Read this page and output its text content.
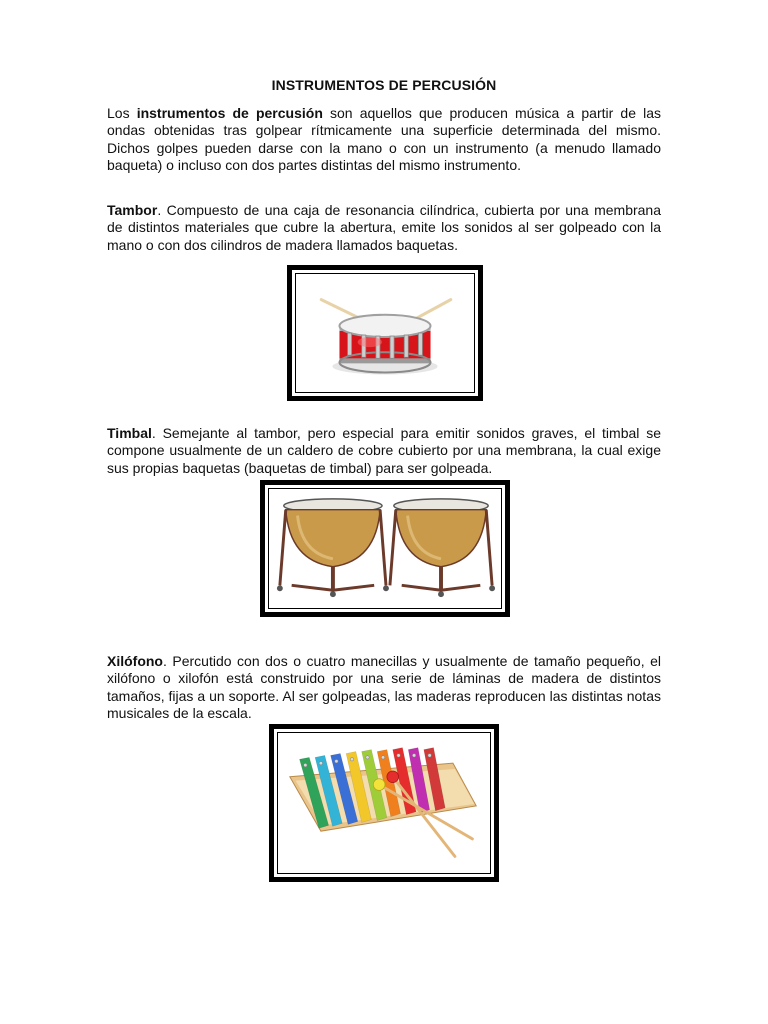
INSTRUMENTOS DE PERCUSIÓN

Los instrumentos de percusión son aquellos que producen música a partir de las ondas obtenidas tras golpear rítmicamente una superficie determinada del mismo. Dichos golpes pueden darse con la mano o con un instrumento (a menudo llamado baqueta) o incluso con dos partes distintas del mismo instrumento.

Tambor. Compuesto de una caja de resonancia cilíndrica, cubierta por una membrana de distintos materiales que cubre la abertura, emite los sonidos al ser golpeado con la mano o con dos cilindros de madera llamados baquetas.

Timbal. Semejante al tambor, pero especial para emitir sonidos graves, el timbal se compone usualmente de un caldero de cobre cubierto por una membrana, la cual exige sus propias baquetas (baquetas de timbal) para ser golpeada.

Xilófono. Percutido con dos o cuatro manecillas y usualmente de tamaño pequeño, el xilófono o xilofón está construido por una serie de láminas de madera de distintos tamaños, fijas a un soporte. Al ser golpeadas, las maderas reproducen las distintas notas musicales de la escala.
